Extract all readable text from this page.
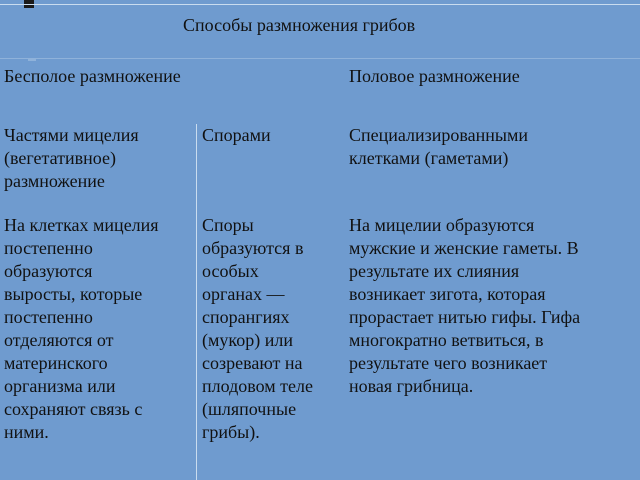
Способы размножения грибов
Бесполое размножение	Половое размножение
Частями мицелия
(вегетативное)
размножение
Спорами	Специализированными
клетками (гаметами)
На клетках мицелия
постепенно
образуются
выросты, которые
постепенно
отделяются от
материнского
организма или
сохраняют связь с
ними.
Споры
образуются в
особых
органах —
спорангиях
(мукор) или
созревают на
плодовом теле
(шляпочные
грибы).
На мицелии образуются
мужские и женские гаметы. В
результате их слияния
возникает зигота, которая
прорастает нитью гифы. Гифа
многократно ветвиться, в
результате чего возникает
новая грибница.
